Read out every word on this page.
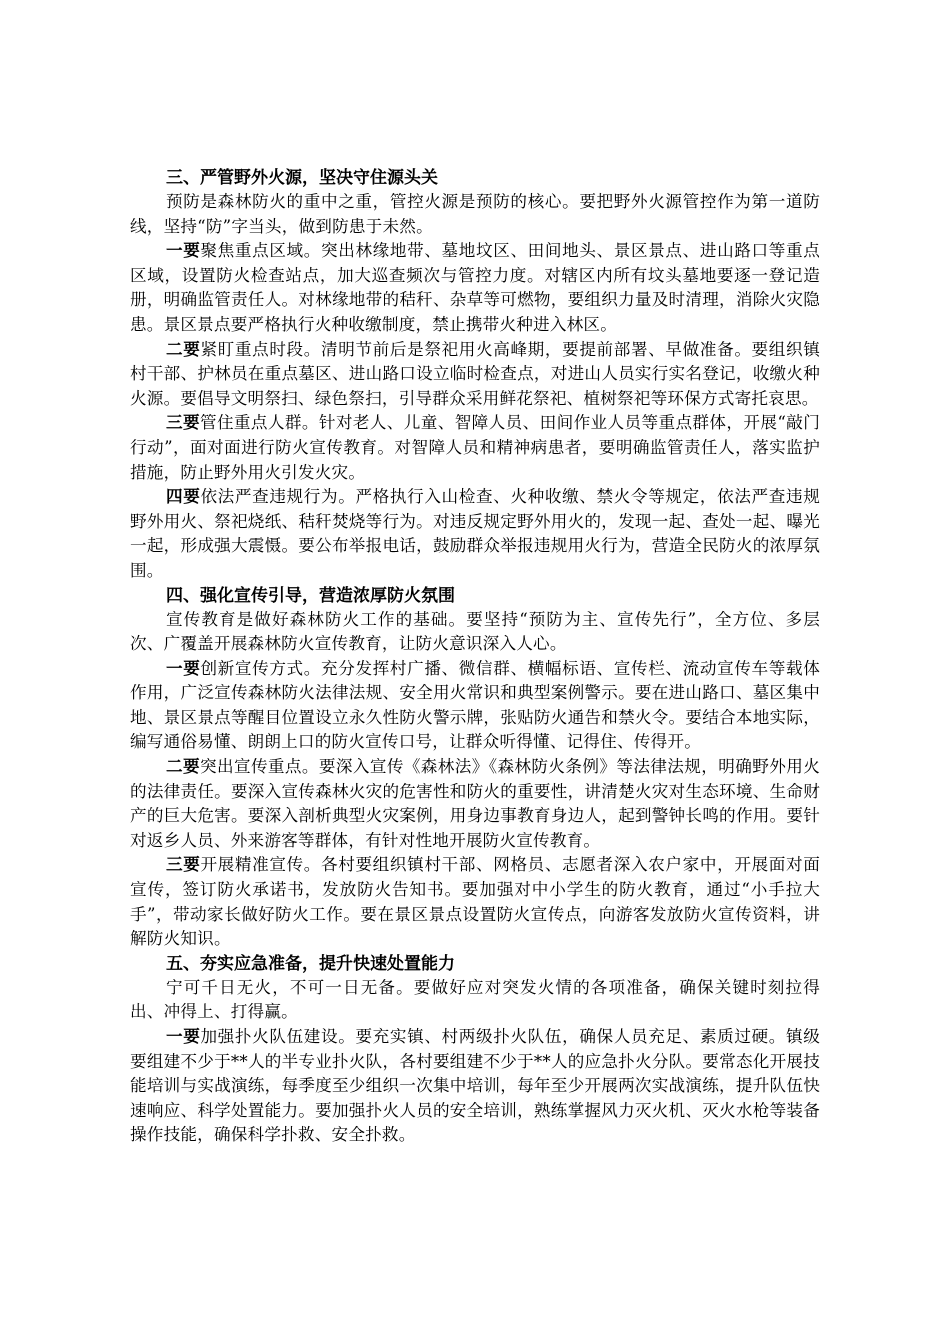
三、严管野外火源，坚决守住源头关

预防是森林防火的重中之重，管控火源是预防的核心。要把野外火源管控作为第一道防线，坚持“防”字当头，做到防患于未然。

一要聚焦重点区域。突出林缘地带、墓地坟区、田间地头、景区景点、进山路口等重点区域，设置防火检查站点，加大巡查频次与管控力度。对辖区内所有坟头墓地要逐一登记造册，明确监管责任人。对林缘地带的秸秆、杂草等可燃物，要组织力量及时清理，消除火灾隐患。景区景点要严格执行火种收缴制度，禁止携带火种进入林区。

二要紧盯重点时段。清明节前后是祭祀用火高峰期，要提前部署、早做准备。要组织镇村干部、护林员在重点墓区、进山路口设立临时检查点，对进山人员实行实名登记，收缴火种火源。要倡导文明祭扫、绿色祭扫，引导群众采用鲜花祭祀、植树祭祀等环保方式寄托哀思。

三要管住重点人群。针对老人、儿童、智障人员、田间作业人员等重点群体，开展“敲门行动”，面对面进行防火宣传教育。对智障人员和精神病患者，要明确监管责任人，落实监护措施，防止野外用火引发火灾。

四要依法严查违规行为。严格执行入山检查、火种收缴、禁火令等规定，依法严查违规野外用火、祭祀烧纸、秸秆焚烧等行为。对违反规定野外用火的，发现一起、查处一起、曝光一起，形成强大震慑。要公布举报电话，鼓励群众举报违规用火行为，营造全民防火的浓厚氛围。

四、强化宣传引导，营造浓厚防火氛围

宣传教育是做好森林防火工作的基础。要坚持“预防为主、宣传先行”，全方位、多层次、广覆盖开展森林防火宣传教育，让防火意识深入人心。

一要创新宣传方式。充分发挥村广播、微信群、横幅标语、宣传栏、流动宣传车等载体作用，广泛宣传森林防火法律法规、安全用火常识和典型案例警示。要在进山路口、墓区集中地、景区景点等醒目位置设立永久性防火警示牌，张贴防火通告和禁火令。要结合本地实际，编写通俗易懂、朗朗上口的防火宣传口号，让群众听得懂、记得住、传得开。

二要突出宣传重点。要深入宣传《森林法》《森林防火条例》等法律法规，明确野外用火的法律责任。要深入宣传森林火灾的危害性和防火的重要性，讲清楚火灾对生态环境、生命财产的巨大危害。要深入剖析典型火灾案例，用身边事教育身边人，起到警钟长鸣的作用。要针对返乡人员、外来游客等群体，有针对性地开展防火宣传教育。

三要开展精准宣传。各村要组织镇村干部、网格员、志愿者深入农户家中，开展面对面宣传，签订防火承诺书，发放防火告知书。要加强对中小学生的防火教育，通过“小手拉大手”，带动家长做好防火工作。要在景区景点设置防火宣传点，向游客发放防火宣传资料，讲解防火知识。

五、夯实应急准备，提升快速处置能力

宁可千日无火，不可一日无备。要做好应对突发火情的各项准备，确保关键时刻拉得出、冲得上、打得赢。

一要加强扑火队伍建设。要充实镇、村两级扑火队伍，确保人员充足、素质过硬。镇级要组建不少于**人的半专业扑火队，各村要组建不少于**人的应急扑火分队。要常态化开展技能培训与实战演练，每季度至少组织一次集中培训，每年至少开展两次实战演练，提升队伍快速响应、科学处置能力。要加强扑火人员的安全培训，熟练掌握风力灭火机、灭火水枪等装备操作技能，确保科学扑救、安全扑救。
